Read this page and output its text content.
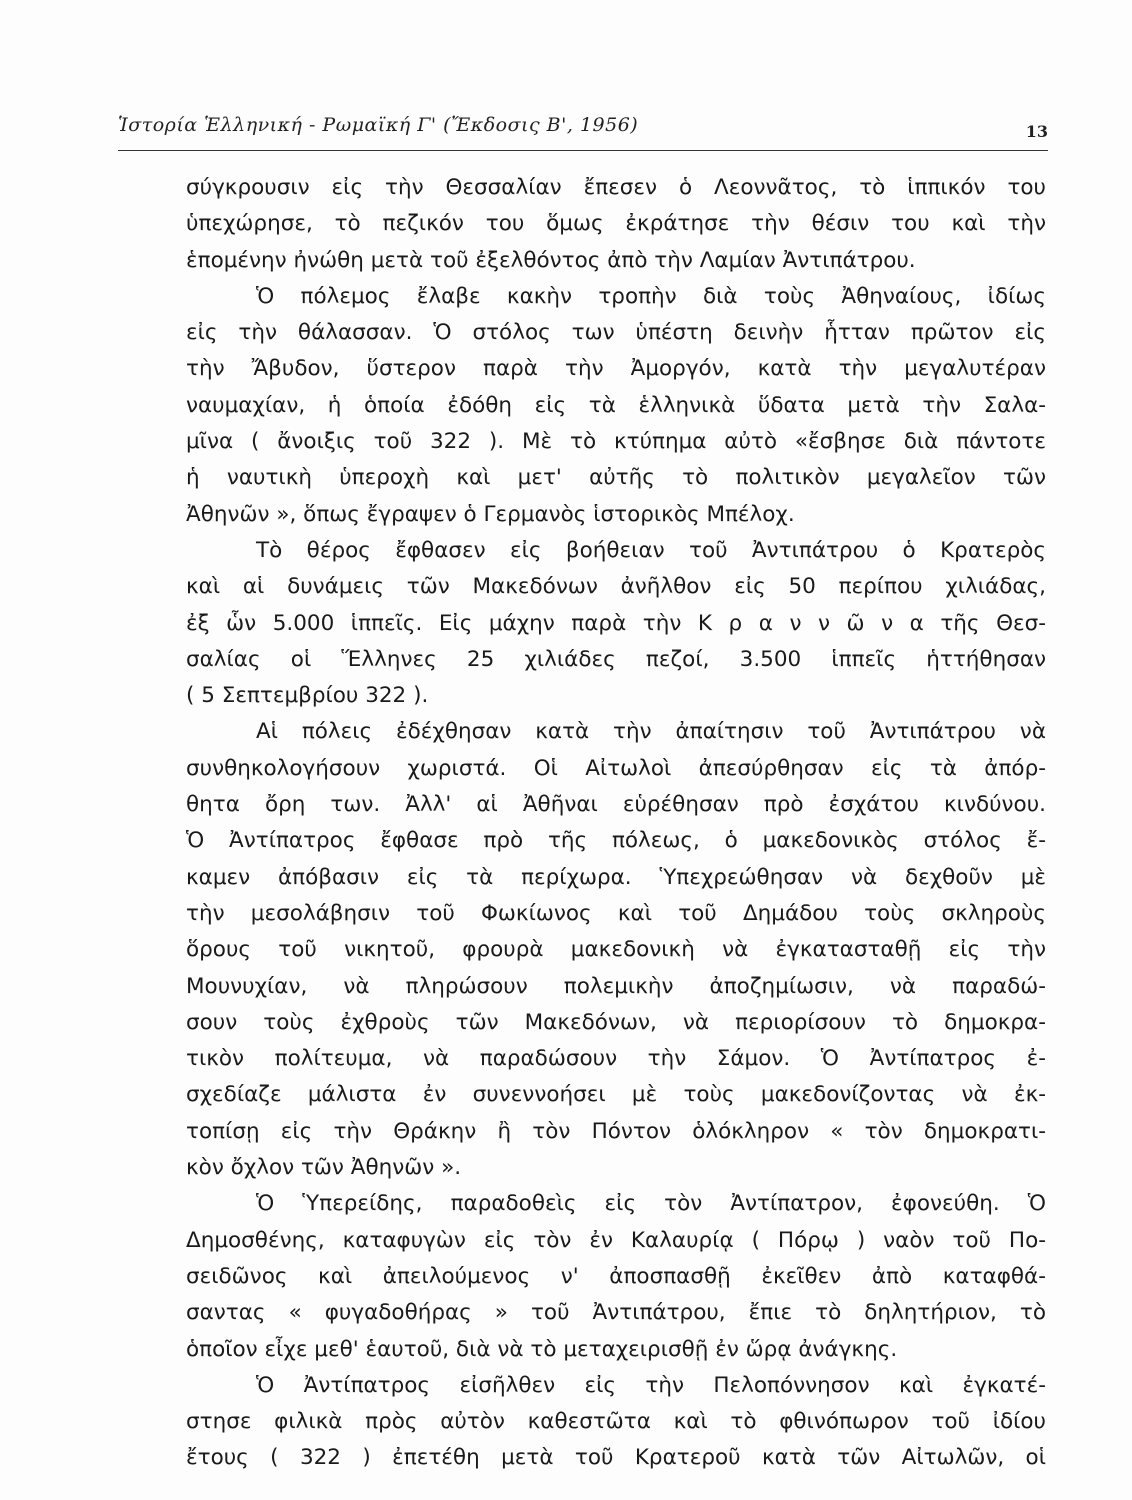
Ἱστορία Ἑλληνική - Ρωμαϊκή Γ' (Ἔκδοσις Β', 1956)	13
σύγκρουσιν εἰς τὴν Θεσσαλίαν ἔπεσεν ὁ Λεοννᾶτος, τὸ ἱππικόν του
ὑπεχώρησε, τὸ πεζικόν του ὅμως ἐκράτησε τὴν θέσιν του καὶ τὴν
ἑπομένην ἠνώθη μετὰ τοῦ ἐξελθόντος ἀπὸ τὴν Λαμίαν Ἀντιπάτρου.
Ὁ πόλεμος ἔλαβε κακὴν τροπὴν διὰ τοὺς Ἀθηναίους, ἰδίως
εἰς τὴν θάλασσαν. Ὁ στόλος των ὑπέστη δεινὴν ἧτταν πρῶτον εἰς
τὴν Ἄβυδον, ὕστερον παρὰ τὴν Ἀμοργόν, κατὰ τὴν μεγαλυτέραν
ναυμαχίαν, ἡ ὁποία ἐδόθη εἰς τὰ ἑλληνικὰ ὕδατα μετὰ τὴν Σαλα-
μῖνα ( ἄνοιξις τοῦ 322 ). Μὲ τὸ κτύπημα αὐτὸ «ἔσβησε διὰ πάντοτε
ἡ ναυτικὴ ὑπεροχὴ καὶ μετ' αὐτῆς τὸ πολιτικὸν μεγαλεῖον τῶν
Ἀθηνῶν », ὅπως ἔγραψεν ὁ Γερμανὸς ἱστορικὸς Μπέλοχ.
Τὸ θέρος ἔφθασεν εἰς βοήθειαν τοῦ Ἀντιπάτρου ὁ Κρατερὸς
καὶ αἱ δυνάμεις τῶν Μακεδόνων ἀνῆλθον εἰς 50 περίπου χιλιάδας,
ἐξ ὧν 5.000 ἱππεῖς. Εἰς μάχην παρὰ τὴν Κ ρ α ν ν ῶ ν α τῆς Θεσ-
σαλίας οἱ Ἕλληνες 25 χιλιάδες πεζοί, 3.500 ἱππεῖς ἡττήθησαν
( 5 Σεπτεμβρίου 322 ).
Αἱ πόλεις ἐδέχθησαν κατὰ τὴν ἀπαίτησιν τοῦ Ἀντιπάτρου νὰ
συνθηκολογήσουν χωριστά. Οἱ Αἰτωλοὶ ἀπεσύρθησαν εἰς τὰ ἀπόρ-
θητα ὄρη των. Ἀλλ' αἱ Ἀθῆναι εὑρέθησαν πρὸ ἐσχάτου κινδύνου.
Ὁ Ἀντίπατρος ἔφθασε πρὸ τῆς πόλεως, ὁ μακεδονικὸς στόλος ἔ-
καμεν ἀπόβασιν εἰς τὰ περίχωρα. Ὑπεχρεώθησαν νὰ δεχθοῦν μὲ
τὴν μεσολάβησιν τοῦ Φωκίωνος καὶ τοῦ Δημάδου τοὺς σκληροὺς
ὅρους τοῦ νικητοῦ, φρουρὰ μακεδονικὴ νὰ ἐγκατασταθῇ εἰς τὴν
Μουνυχίαν, νὰ πληρώσουν πολεμικὴν ἀποζημίωσιν, νὰ παραδώ-
σουν τοὺς ἐχθροὺς τῶν Μακεδόνων, νὰ περιορίσουν τὸ δημοκρα-
τικὸν πολίτευμα, νὰ παραδώσουν τὴν Σάμον. Ὁ Ἀντίπατρος ἐ-
σχεδίαζε μάλιστα ἐν συνεννοήσει μὲ τοὺς μακεδονίζοντας νὰ ἐκ-
τοπίσῃ εἰς τὴν Θράκην ἢ τὸν Πόντον ὁλόκληρον « τὸν δημοκρατι-
κὸν ὄχλον τῶν Ἀθηνῶν ».
Ὁ Ὑπερείδης, παραδοθεὶς εἰς τὸν Ἀντίπατρον, ἐφονεύθη. Ὁ
Δημοσθένης, καταφυγὼν εἰς τὸν ἐν Καλαυρίᾳ ( Πόρῳ ) ναὸν τοῦ Πο-
σειδῶνος καὶ ἀπειλούμενος ν' ἀποσπασθῇ ἐκεῖθεν ἀπὸ καταφθά-
σαντας « φυγαδοθήρας » τοῦ Ἀντιπάτρου, ἔπιε τὸ δηλητήριον, τὸ
ὁποῖον εἶχε μεθ' ἑαυτοῦ, διὰ νὰ τὸ μεταχειρισθῇ ἐν ὥρᾳ ἀνάγκης.
Ὁ Ἀντίπατρος εἰσῆλθεν εἰς τὴν Πελοπόννησον καὶ ἐγκατέ-
στησε φιλικὰ πρὸς αὐτὸν καθεστῶτα καὶ τὸ φθινόπωρον τοῦ ἰδίου
ἔτους ( 322 ) ἐπετέθη μετὰ τοῦ Κρατεροῦ κατὰ τῶν Αἰτωλῶν, οἱ
